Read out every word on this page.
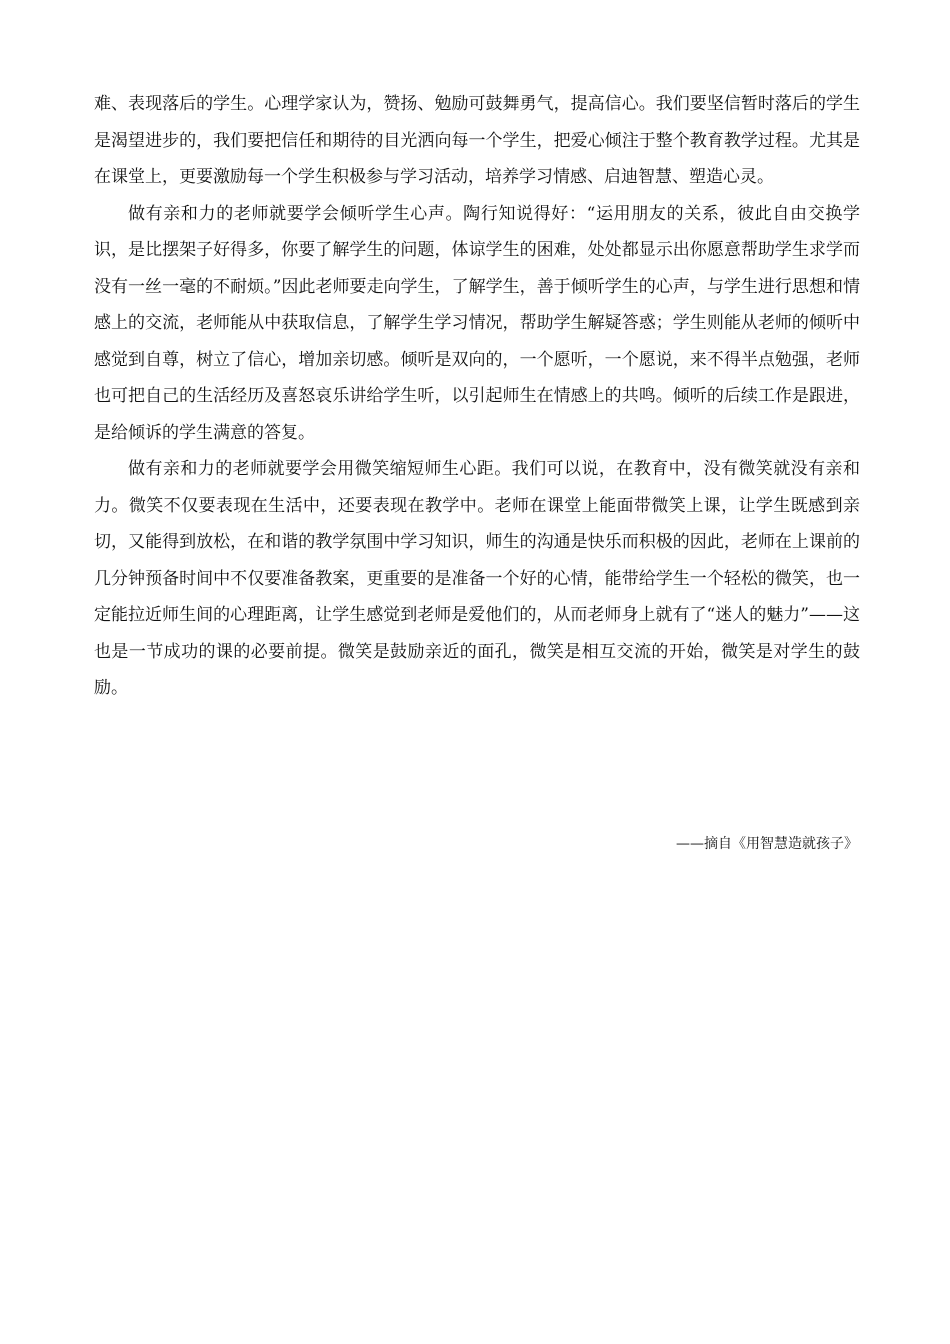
难、表现落后的学生。心理学家认为，赞扬、勉励可鼓舞勇气，提高信心。我们要坚信暂时落后的学生是渴望进步的，我们要把信任和期待的目光洒向每一个学生，把爱心倾注于整个教育教学过程。尤其是在课堂上，更要激励每一个学生积极参与学习活动，培养学习情感、启迪智慧、塑造心灵。

做有亲和力的老师就要学会倾听学生心声。陶行知说得好：“运用朋友的关系，彼此自由交换学识，是比摆架子好得多，你要了解学生的问题，体谅学生的困难，处处都显示出你愿意帮助学生求学而没有一丝一毫的不耐烦。”因此老师要走向学生，了解学生，善于倾听学生的心声，与学生进行思想和情感上的交流，老师能从中获取信息，了解学生学习情况，帮助学生解疑答惑；学生则能从老师的倾听中感觉到自尊，树立了信心，增加亲切感。倾听是双向的，一个愿听，一个愿说，来不得半点勉强，老师也可把自己的生活经历及喜怒哀乐讲给学生听，以引起师生在情感上的共鸣。倾听的后续工作是跟进，是给倾诉的学生满意的答复。

做有亲和力的老师就要学会用微笑缩短师生心距。我们可以说，在教育中，没有微笑就没有亲和力。微笑不仅要表现在生活中，还要表现在教学中。老师在课堂上能面带微笑上课，让学生既感到亲切，又能得到放松，在和谐的教学氛围中学习知识，师生的沟通是快乐而积极的因此，老师在上课前的几分钟预备时间中不仅要准备教案，更重要的是准备一个好的心情，能带给学生一个轻松的微笑，也一定能拉近师生间的心理距离，让学生感觉到老师是爱他们的，从而老师身上就有了“迷人的魅力”——这也是一节成功的课的必要前提。微笑是鼓励亲近的面孔，微笑是相互交流的开始，微笑是对学生的鼓励。

——摘自《用智慧造就孩子》
